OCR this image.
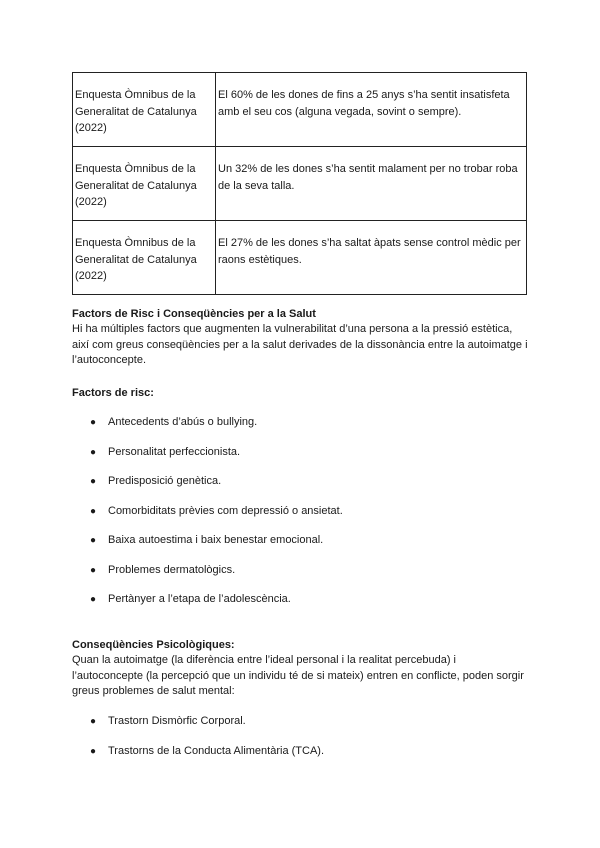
Enquesta Òmnibus de la Generalitat de Catalunya (2022)	El 60% de les dones de fins a 25 anys s’ha sentit insatisfeta amb el seu cos (alguna vegada, sovint o sempre).
Enquesta Òmnibus de la Generalitat de Catalunya (2022)	Un 32% de les dones s’ha sentit malament per no trobar roba de la seva talla.
Enquesta Òmnibus de la Generalitat de Catalunya (2022)	El 27% de les dones s’ha saltat àpats sense control mèdic per raons estètiques.
Factors de Risc i Conseqüències per a la Salut

Hi ha múltiples factors que augmenten la vulnerabilitat d’una persona a la pressió estètica, així com greus conseqüències per a la salut derivades de la dissonància entre la autoimatge i l’autoconcepte.

Factors de risc:
● Antecedents d’abús o bullying.
● Personalitat perfeccionista.
● Predisposició genètica.
● Comorbiditats prèvies com depressió o ansietat.
● Baixa autoestima i baix benestar emocional.
● Problemes dermatològics.
● Pertànyer a l’etapa de l’adolescència.
Conseqüències Psicològiques:

Quan la autoimatge (la diferència entre l’ideal personal i la realitat percebuda) i l’autoconcepte (la percepció que un individu té de si mateix) entren en conflicte, poden sorgir greus problemes de salut mental:

● Trastorn Dismòrfic Corporal.
● Trastorns de la Conducta Alimentària (TCA).
